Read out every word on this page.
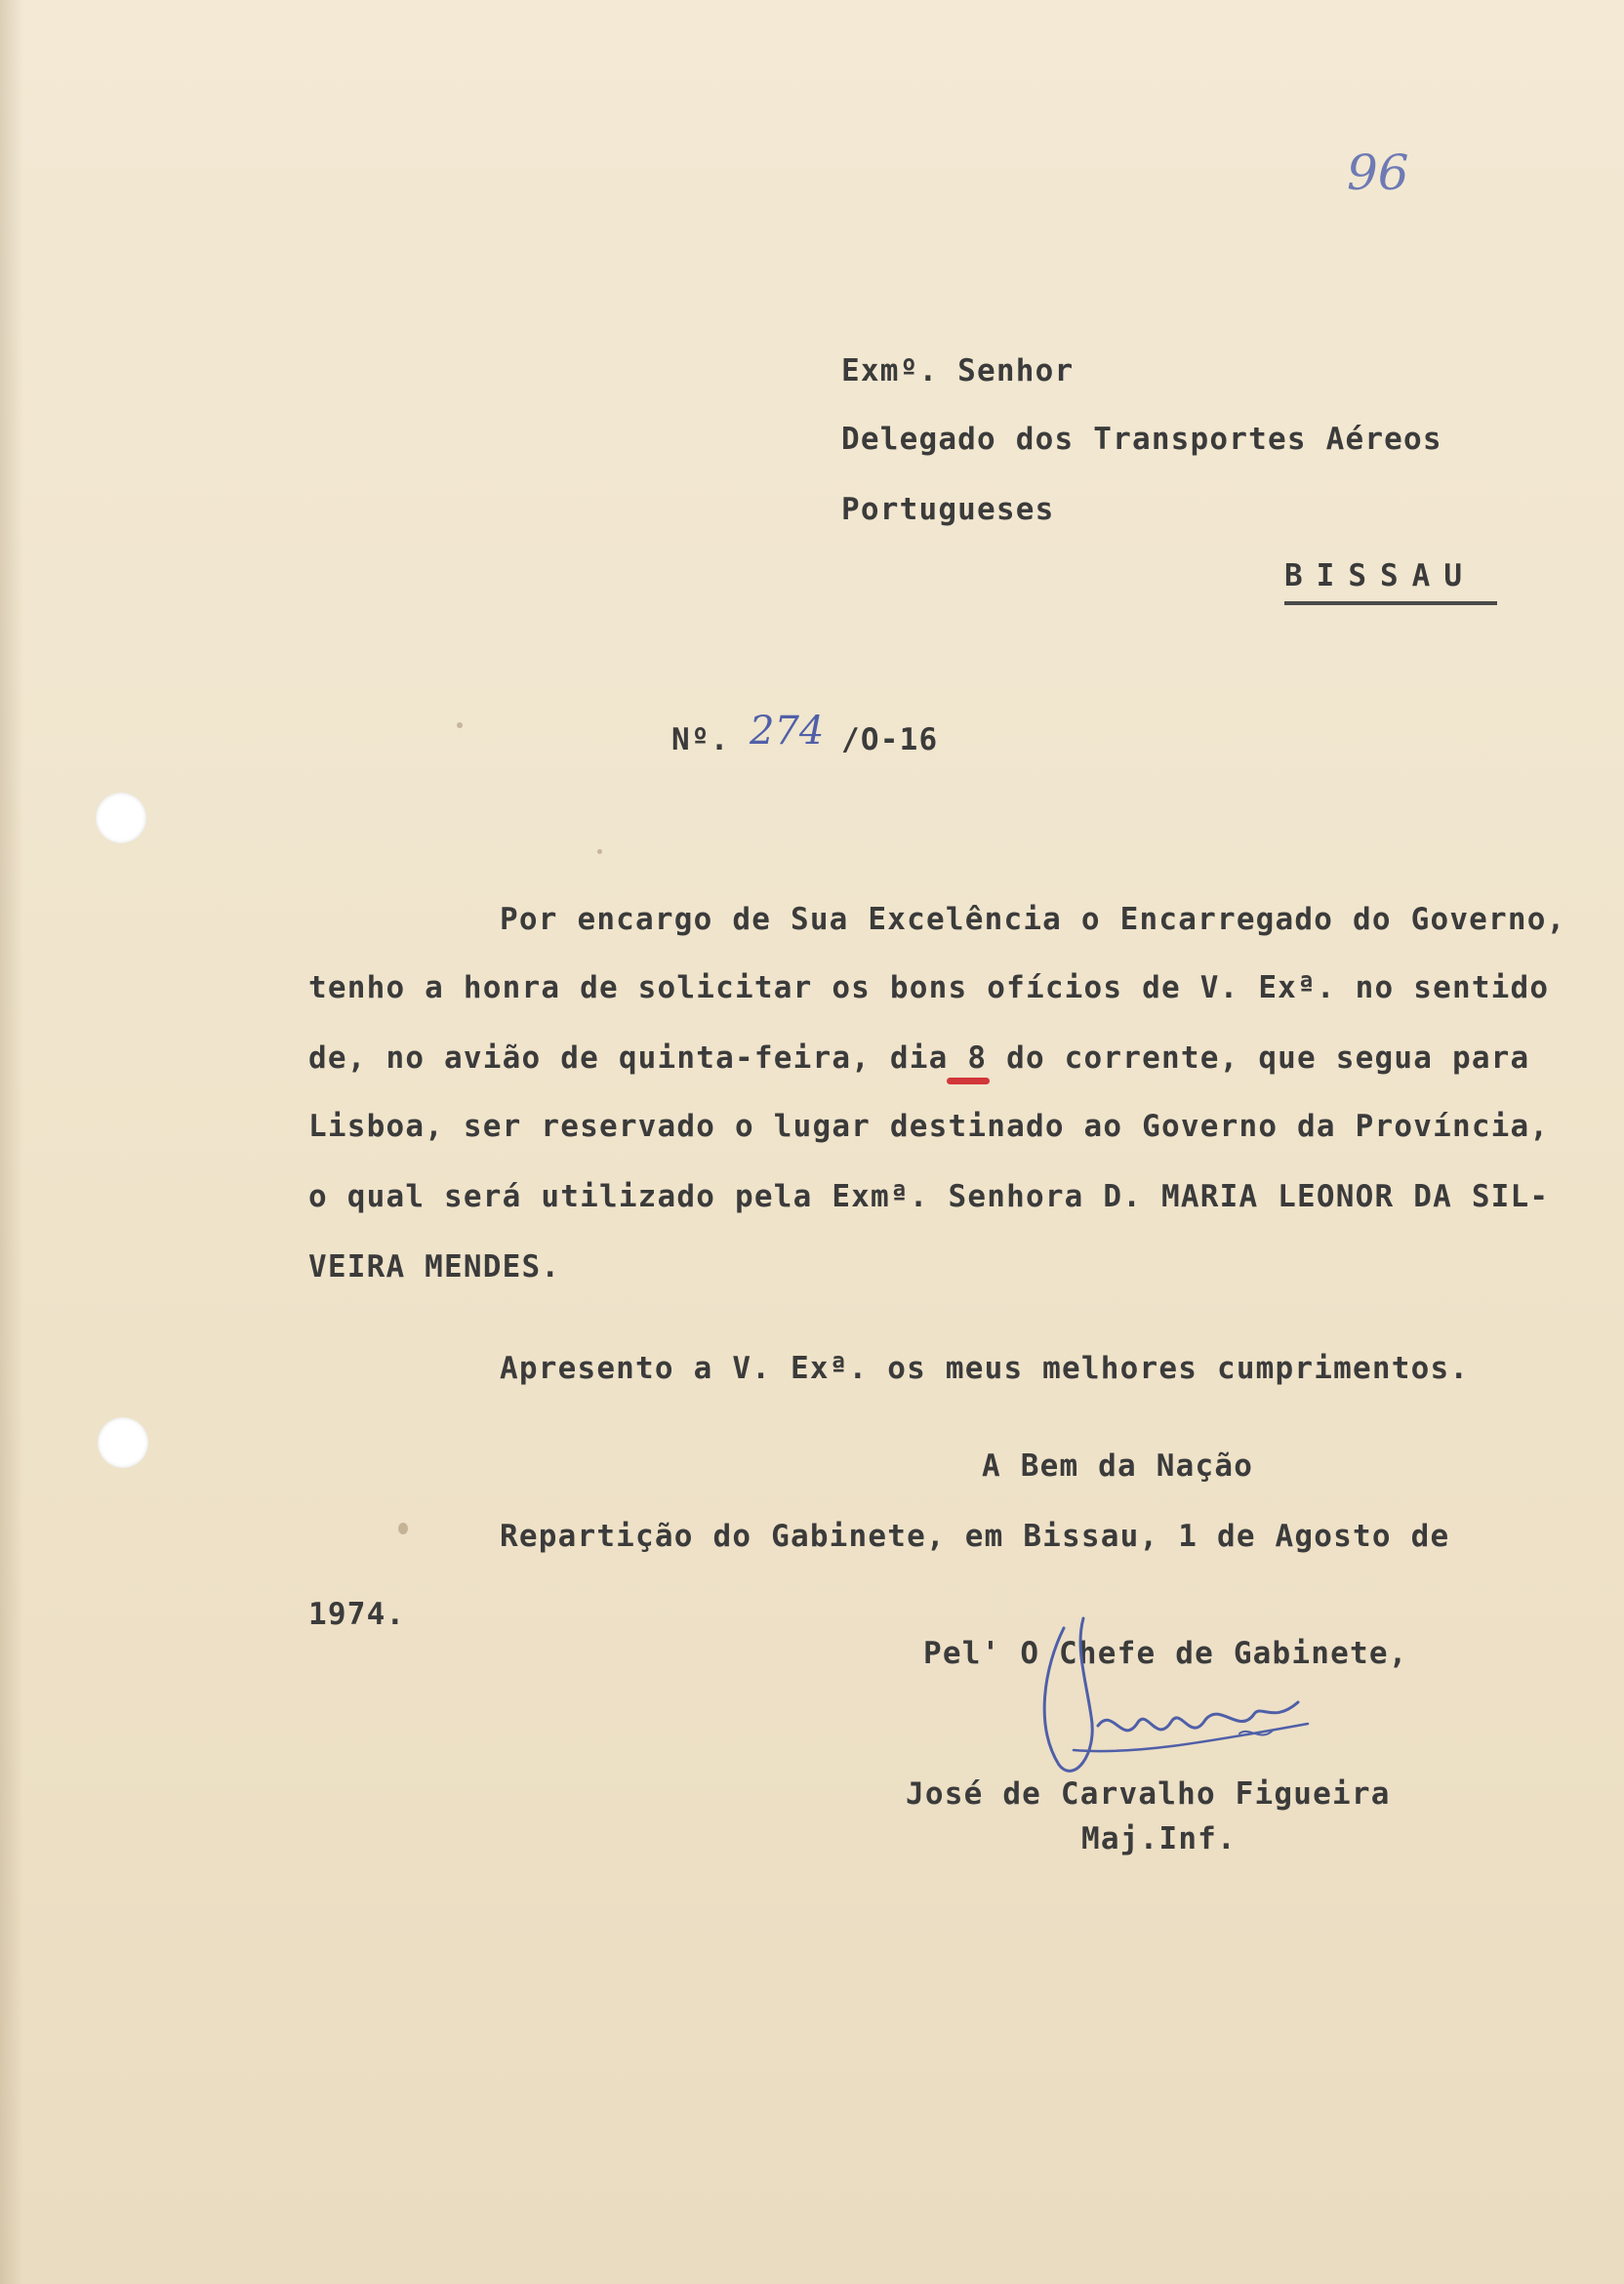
96
Exmº. Senhor
Delegado dos Transportes Aéreos
Portugueses
BISSAU
Nº. 274 /O-16
Por encargo de Sua Excelência o Encarregado do Governo,
tenho a honra de solicitar os bons ofícios de V. Exª. no sentido
de, no avião de quinta-feira, dia 8 do corrente, que segua para
Lisboa, ser reservado o lugar destinado ao Governo da Província,
o qual será utilizado pela Exmª. Senhora D. MARIA LEONOR DA SIL-
VEIRA MENDES.
Apresento a V. Exª. os meus melhores cumprimentos.
A Bem da Nação
Repartição do Gabinete, em Bissau, 1 de Agosto de
1974.
Pel' O Chefe de Gabinete,
José de Carvalho Figueira
Maj.Inf.
